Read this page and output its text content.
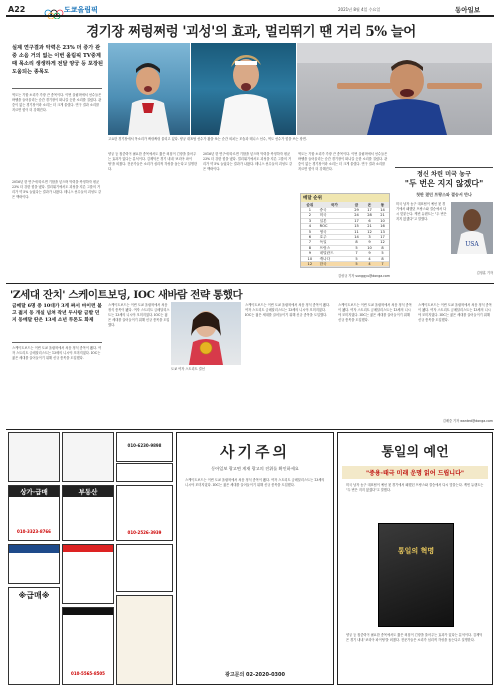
A22	도쿄올림픽	2021년 8월 4일 수요일	동아일보
경기장 쩌렁쩌렁 '괴성'의 효과, 멀리뛰기 땐 거리 5% 늘어
실제 연구결과 악력은 23% 더 증가 관중 소음 거의 없는 이번 올림픽 TV중계 때 목소리 생생하게 전달 양궁 등 포장된 도움되는 종목도
역도는 기합 소리가 가장 큰 종목이다. 이번 올림픽에서 선수들은 바벨을 들어올리는 순간 경기장이 떠나갈 듯한 소리를 질렀다. 관중이 없는 경기장이라 소리는 더 크게 울렸다. 연구 결과 소리를 지르면 힘이 더 강해진다.
2016년 한 연구에 따르면 기합을 넣으며 악력을 측정하자 평균 23% 더 강한 힘을 냈다. 멀리뛰기에서도 괴성을 지른 그룹의 거리가 약 5% 늘었다는 결과가 나왔다. 테니스 선수들의 괴성도 같은 맥락이다.
고요한 경기장에서 목소리가 쩌렁쩌렁 울리고 있다. 양궁 대표팀 선수가 활을 쏘는 순간 외치는 모습과 테니스 선수, 역도 선수가 힘을 쓰는 장면.
양궁 등 집중력이 필요한 종목에서도 짧은 외침이 긴장을 풀어주는 효과가 있다는 분석이다. 김제덕은 경기 내내 '코리아 파이팅'을 외쳤다. 전문가들은 소리가 심리적 각성을 돕는다고 설명한다.
2016년 한 연구에 따르면 기합을 넣으며 악력을 측정하자 평균 23% 더 강한 힘을 냈다. 멀리뛰기에서도 괴성을 지른 그룹의 거리가 약 5% 늘었다는 결과가 나왔다. 테니스 선수들의 괴성도 같은 맥락이다.
역도는 기합 소리가 가장 큰 종목이다. 이번 올림픽에서 선수들은 바벨을 들어올리는 순간 경기장이 떠나갈 듯한 소리를 질렀다. 관중이 없는 경기장이라 소리는 더 크게 울렸다. 연구 결과 소리를 지르면 힘이 더 강해진다.
김성규 기자 sunggyu@donga.com
메달 순위
순위	국가	금	은	동
1	중국	29	17	14
2	미국	24	28	21
3	일본	17	6	10
4	ROC	15	21	16
5	영국	11	12	13
6	호주	14	3	17
7	독일	8	9	12
8	프랑스	5	10	8
9	네덜란드	7	9	5
10	캐나다	5	4	8
12	한국	5	4	7
정신 차린 미국 농구
"두 번은 지지 않겠다"
첫판 졌던 프랑스와 결승서 만나
미국 남자 농구 대표팀이 예선 첫 경기에서 패했던 프랑스와 결승에서 다시 맞붙는다. 케빈 듀랜트는 "두 번은 지지 않겠다"고 말했다.
USA
김정훈 기자
'Z세대 잔치' 스케이트보딩, IOC 새바람 전략 통했다
금메달 6명 중 10대가 3게 짜서 마이런 불고 젊지 동 개실 넘쳐 작년 두사람 금발 던지 동메달 딴은 13세 소년 투톤도 화제
스케이트보드는 이번 도쿄 올림픽에서 처음 정식 종목이 됐다. 여자 스트리트 금메달리스트는 13세의 니시야 모미지였다. IOC는 젊은 세대를 끌어들이기 위해 신규 종목을 도입했다.
스케이트보드는 이번 도쿄 올림픽에서 처음 정식 종목이 됐다. 여자 스트리트 금메달리스트는 13세의 니시야 모미지였다. IOC는 젊은 세대를 끌어들이기 위해 신규 종목을 도입했다.
도쿄 여자 스트리트 결선
스케이트보드는 이번 도쿄 올림픽에서 처음 정식 종목이 됐다. 여자 스트리트 금메달리스트는 13세의 니시야 모미지였다. IOC는 젊은 세대를 끌어들이기 위해 신규 종목을 도입했다.
스케이트보드는 이번 도쿄 올림픽에서 처음 정식 종목이 됐다. 여자 스트리트 금메달리스트는 13세의 니시야 모미지였다. IOC는 젊은 세대를 끌어들이기 위해 신규 종목을 도입했다.
스케이트보드는 이번 도쿄 올림픽에서 처음 정식 종목이 됐다. 여자 스트리트 금메달리스트는 13세의 니시야 모미지였다. IOC는 젊은 세대를 끌어들이기 위해 신규 종목을 도입했다.
김배중 기자 wanted@donga.com
010-6230-9898
상가·급매
010-3323-8766
부동산
010-2526-3939
※급매※
010-5565-8505
사기주의
동아일보 광고면 게재 광고의 진위를 확인하세요
스케이트보드는 이번 도쿄 올림픽에서 처음 정식 종목이 됐다. 여자 스트리트 금메달리스트는 13세의 니시야 모미지였다. IOC는 젊은 세대를 끌어들이기 위해 신규 종목을 도입했다.
광고문의 02-2020-0300
통일의 예언
"중용·태극 미래 운명 읽어 드립니다"
미국 남자 농구 대표팀이 예선 첫 경기에서 패했던 프랑스와 결승에서 다시 맞붙는다. 케빈 듀랜트는 "두 번은 지지 않겠다"고 말했다.
통일의 혁명
양궁 등 집중력이 필요한 종목에서도 짧은 외침이 긴장을 풀어주는 효과가 있다는 분석이다. 김제덕은 경기 내내 '코리아 파이팅'을 외쳤다. 전문가들은 소리가 심리적 각성을 돕는다고 설명한다.
